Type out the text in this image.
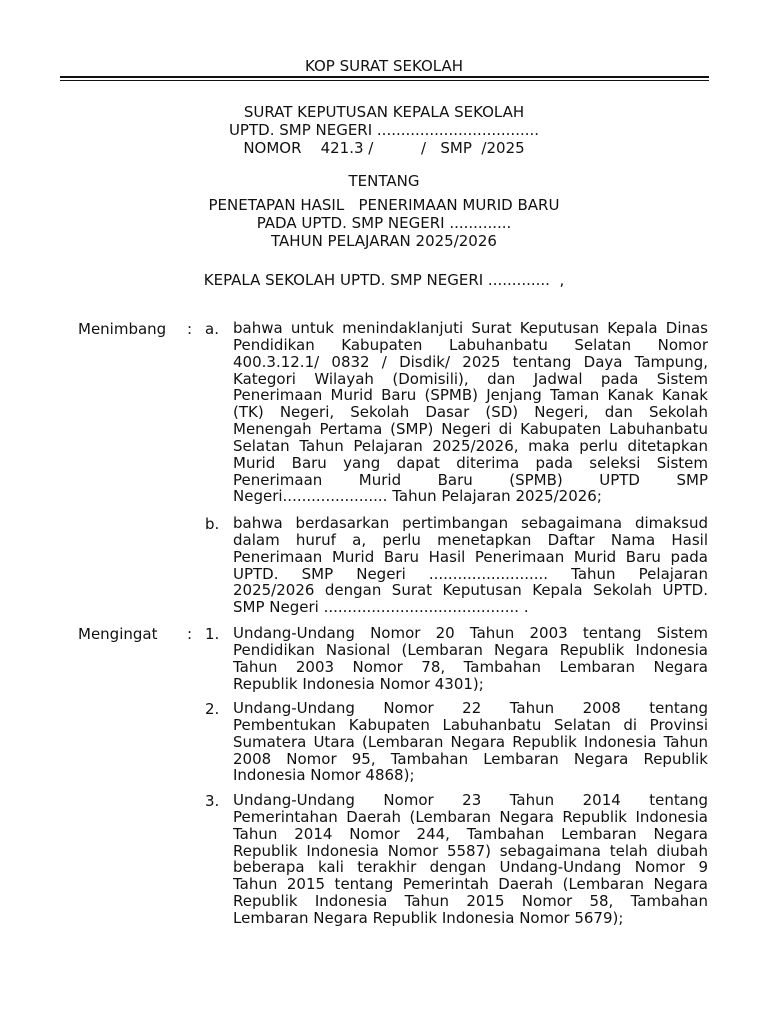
KOP SURAT SEKOLAH
SURAT KEPUTUSAN KEPALA SEKOLAH
UPTD. SMP NEGERI ..................................
NOMOR    421.3 /          /   SMP  /2025
TENTANG
PENETAPAN HASIL   PENERIMAAN MURID BARU
PADA UPTD. SMP NEGERI .............
TAHUN PELAJARAN 2025/2026
KEPALA SEKOLAH UPTD. SMP NEGERI .............  ,
Menimbang : a. bahwa untuk menindaklanjuti Surat Keputusan Kepala Dinas
Pendidikan Kabupaten Labuhanbatu Selatan Nomor
400.3.12.1/ 0832 / Disdik/ 2025 tentang Daya Tampung,
Kategori Wilayah (Domisili), dan Jadwal pada Sistem
Penerimaan Murid Baru (SPMB) Jenjang Taman Kanak Kanak
(TK) Negeri, Sekolah Dasar (SD) Negeri, dan Sekolah
Menengah Pertama (SMP) Negeri di Kabupaten Labuhanbatu
Selatan Tahun Pelajaran 2025/2026, maka perlu ditetapkan
Murid Baru yang dapat diterima pada seleksi Sistem
Penerimaan Murid Baru (SPMB) UPTD SMP
Negeri...................... Tahun Pelajaran 2025/2026;
b. bahwa berdasarkan pertimbangan sebagaimana dimaksud
dalam huruf a, perlu menetapkan Daftar Nama Hasil
Penerimaan Murid Baru Hasil Penerimaan Murid Baru pada
UPTD. SMP Negeri ......................... Tahun Pelajaran
2025/2026 dengan Surat Keputusan Kepala Sekolah UPTD.
SMP Negeri ......................................... .
Mengingat : 1. Undang-Undang Nomor 20 Tahun 2003 tentang Sistem
Pendidikan Nasional (Lembaran Negara Republik Indonesia
Tahun 2003 Nomor 78, Tambahan Lembaran Negara
Republik Indonesia Nomor 4301);
2. Undang-Undang Nomor 22 Tahun 2008 tentang
Pembentukan Kabupaten Labuhanbatu Selatan di Provinsi
Sumatera Utara (Lembaran Negara Republik Indonesia Tahun
2008 Nomor 95, Tambahan Lembaran Negara Republik
Indonesia Nomor 4868);
3. Undang-Undang Nomor 23 Tahun 2014 tentang
Pemerintahan Daerah (Lembaran Negara Republik Indonesia
Tahun 2014 Nomor 244, Tambahan Lembaran Negara
Republik Indonesia Nomor 5587) sebagaimana telah diubah
beberapa kali terakhir dengan Undang-Undang Nomor 9
Tahun 2015 tentang Pemerintah Daerah (Lembaran Negara
Republik Indonesia Tahun 2015 Nomor 58, Tambahan
Lembaran Negara Republik Indonesia Nomor 5679);
